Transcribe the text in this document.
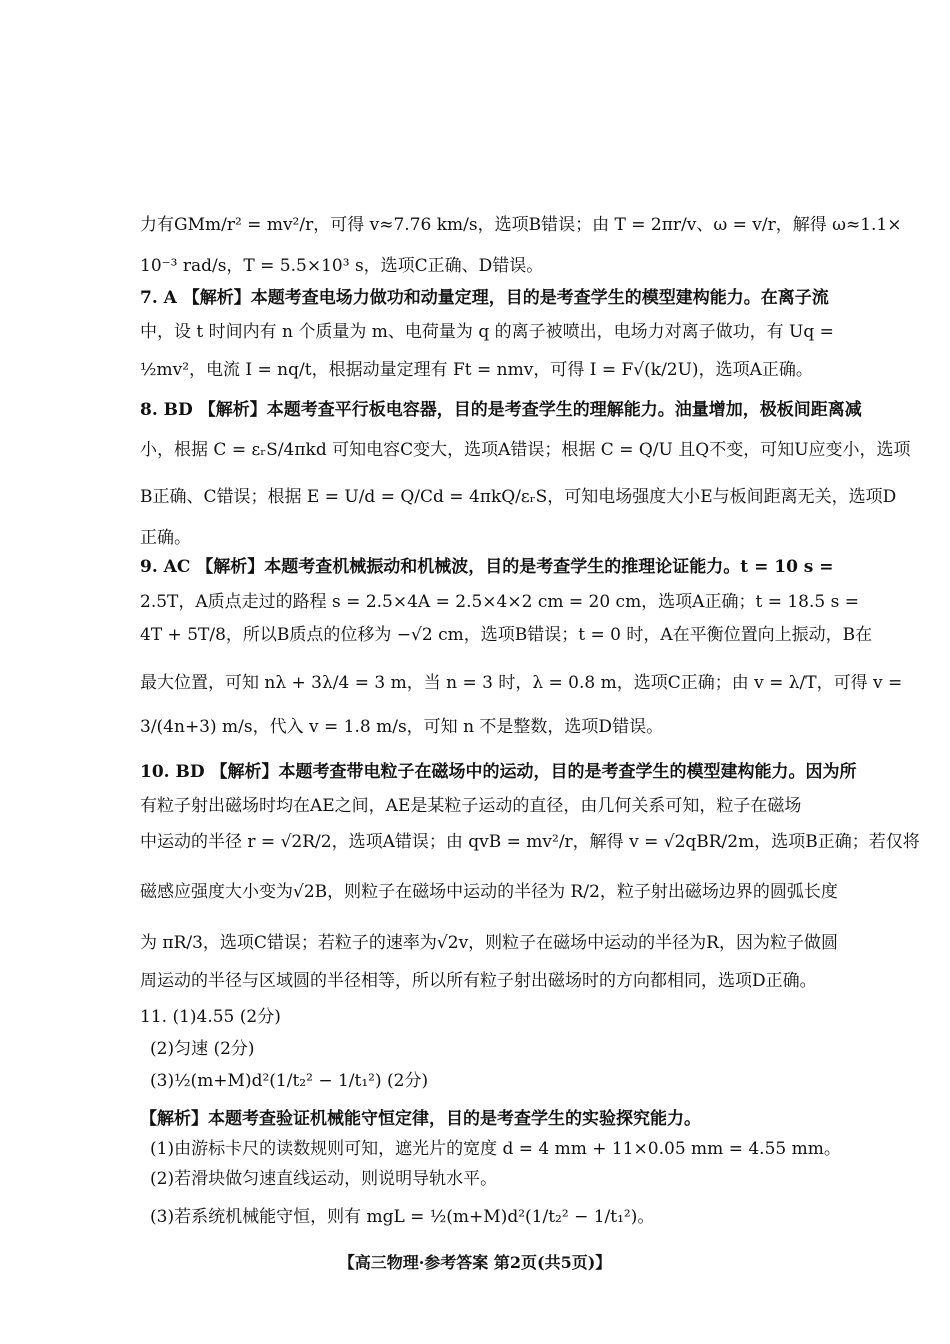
力有GMm/r² = mv²/r，可得 v≈7.76 km/s，选项B错误；由 T = 2πr/v、ω = v/r，解得 ω≈1.1×
10⁻³ rad/s，T = 5.5×10³ s，选项C正确、D错误。
7. A 【解析】本题考查电场力做功和动量定理，目的是考查学生的模型建构能力。在离子流
中，设 t 时间内有 n 个质量为 m、电荷量为 q 的离子被喷出，电场力对离子做功，有 Uq =
½mv²，电流 I = nq/t，根据动量定理有 Ft = nmv，可得 I = F√(k/2U)，选项A正确。
8. BD 【解析】本题考查平行板电容器，目的是考查学生的理解能力。油量增加，极板间距离减
小，根据 C = εᵣS/4πkd 可知电容C变大，选项A错误；根据 C = Q/U 且Q不变，可知U应变小，选项
B正确、C错误；根据 E = U/d = Q/Cd = 4πkQ/εᵣS，可知电场强度大小E与板间距离无关，选项D
正确。
9. AC 【解析】本题考查机械振动和机械波，目的是考查学生的推理论证能力。t = 10 s =
2.5T，A质点走过的路程 s = 2.5×4A = 2.5×4×2 cm = 20 cm，选项A正确；t = 18.5 s =
4T + 5T/8，所以B质点的位移为 −√2 cm，选项B错误；t = 0 时，A在平衡位置向上振动，B在
最大位置，可知 nλ + 3λ/4 = 3 m，当 n = 3 时，λ = 0.8 m，选项C正确；由 v = λ/T，可得 v =
3/(4n+3) m/s，代入 v = 1.8 m/s，可知 n 不是整数，选项D错误。
10. BD 【解析】本题考查带电粒子在磁场中的运动，目的是考查学生的模型建构能力。因为所
有粒子射出磁场时均在AE之间，AE是某粒子运动的直径，由几何关系可知，粒子在磁场
中运动的半径 r = √2R/2，选项A错误；由 qvB = mv²/r，解得 v = √2qBR/2m，选项B正确；若仅将
磁感应强度大小变为√2B，则粒子在磁场中运动的半径为 R/2，粒子射出磁场边界的圆弧长度
为 πR/3，选项C错误；若粒子的速率为√2v，则粒子在磁场中运动的半径为R，因为粒子做圆
周运动的半径与区域圆的半径相等，所以所有粒子射出磁场时的方向都相同，选项D正确。
11. (1)4.55 (2分)
(2)匀速 (2分)
(3)½(m+M)d²(1/t₂² − 1/t₁²) (2分)
【解析】本题考查验证机械能守恒定律，目的是考查学生的实验探究能力。
(1)由游标卡尺的读数规则可知，遮光片的宽度 d = 4 mm + 11×0.05 mm = 4.55 mm。
(2)若滑块做匀速直线运动，则说明导轨水平。
(3)若系统机械能守恒，则有 mgL = ½(m+M)d²(1/t₂² − 1/t₁²)。
【高三物理·参考答案 第2页(共5页)】
